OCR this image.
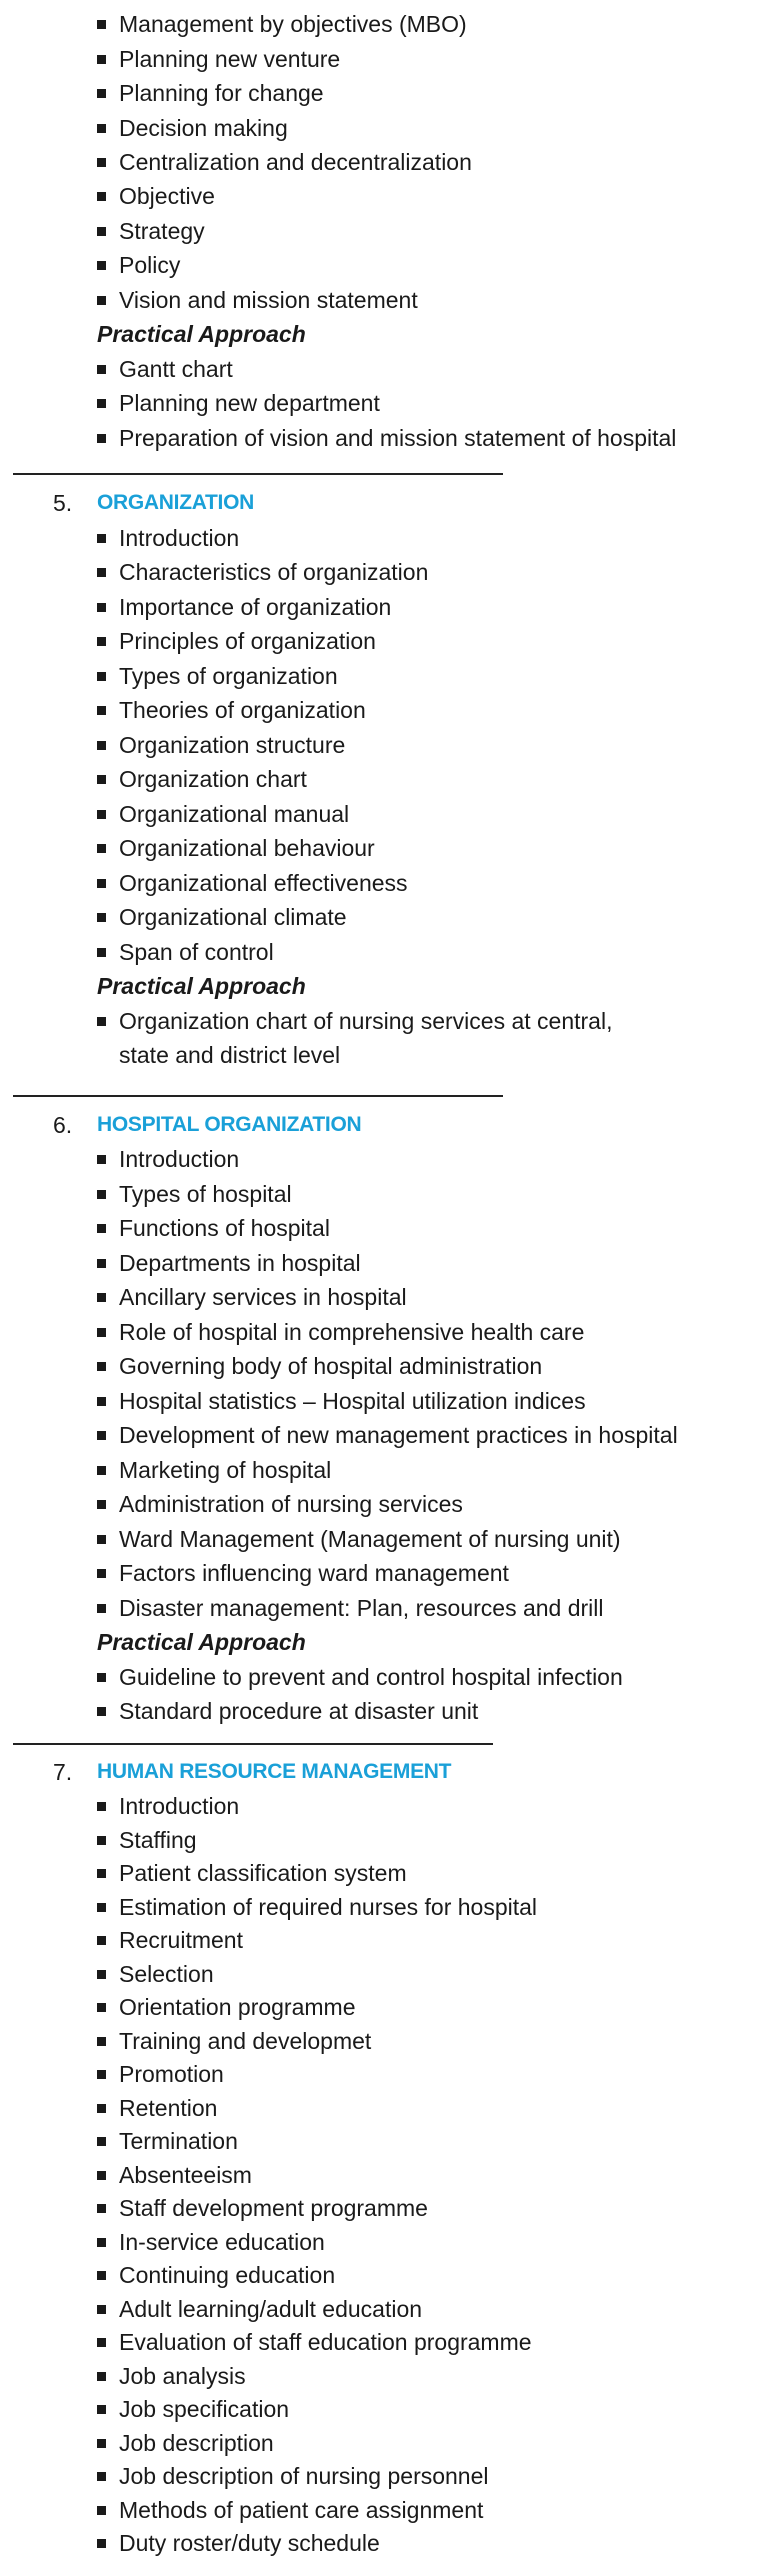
Management by objectives (MBO)
Planning new venture
Planning for change
Decision making
Centralization and decentralization
Objective
Strategy
Policy
Vision and mission statement
Practical Approach
Gantt chart
Planning new department
Preparation of vision and mission statement of hospital
5. ORGANIZATION
Introduction
Characteristics of organization
Importance of organization
Principles of organization
Types of organization
Theories of organization
Organization structure
Organization chart
Organizational manual
Organizational behaviour
Organizational effectiveness
Organizational climate
Span of control
Practical Approach
Organization chart of nursing services at central,
state and district level
6. HOSPITAL ORGANIZATION
Introduction
Types of hospital
Functions of hospital
Departments in hospital
Ancillary services in hospital
Role of hospital in comprehensive health care
Governing body of hospital administration
Hospital statistics – Hospital utilization indices
Development of new management practices in hospital
Marketing of hospital
Administration of nursing services
Ward Management (Management of nursing unit)
Factors influencing ward management
Disaster management: Plan, resources and drill
Practical Approach
Guideline to prevent and control hospital infection
Standard procedure at disaster unit
7. HUMAN RESOURCE MANAGEMENT
Introduction
Staffing
Patient classification system
Estimation of required nurses for hospital
Recruitment
Selection
Orientation programme
Training and developmet
Promotion
Retention
Termination
Absenteeism
Staff development programme
In-service education
Continuing education
Adult learning/adult education
Evaluation of staff education programme
Job analysis
Job specification
Job description
Job description of nursing personnel
Methods of patient care assignment
Duty roster/duty schedule
